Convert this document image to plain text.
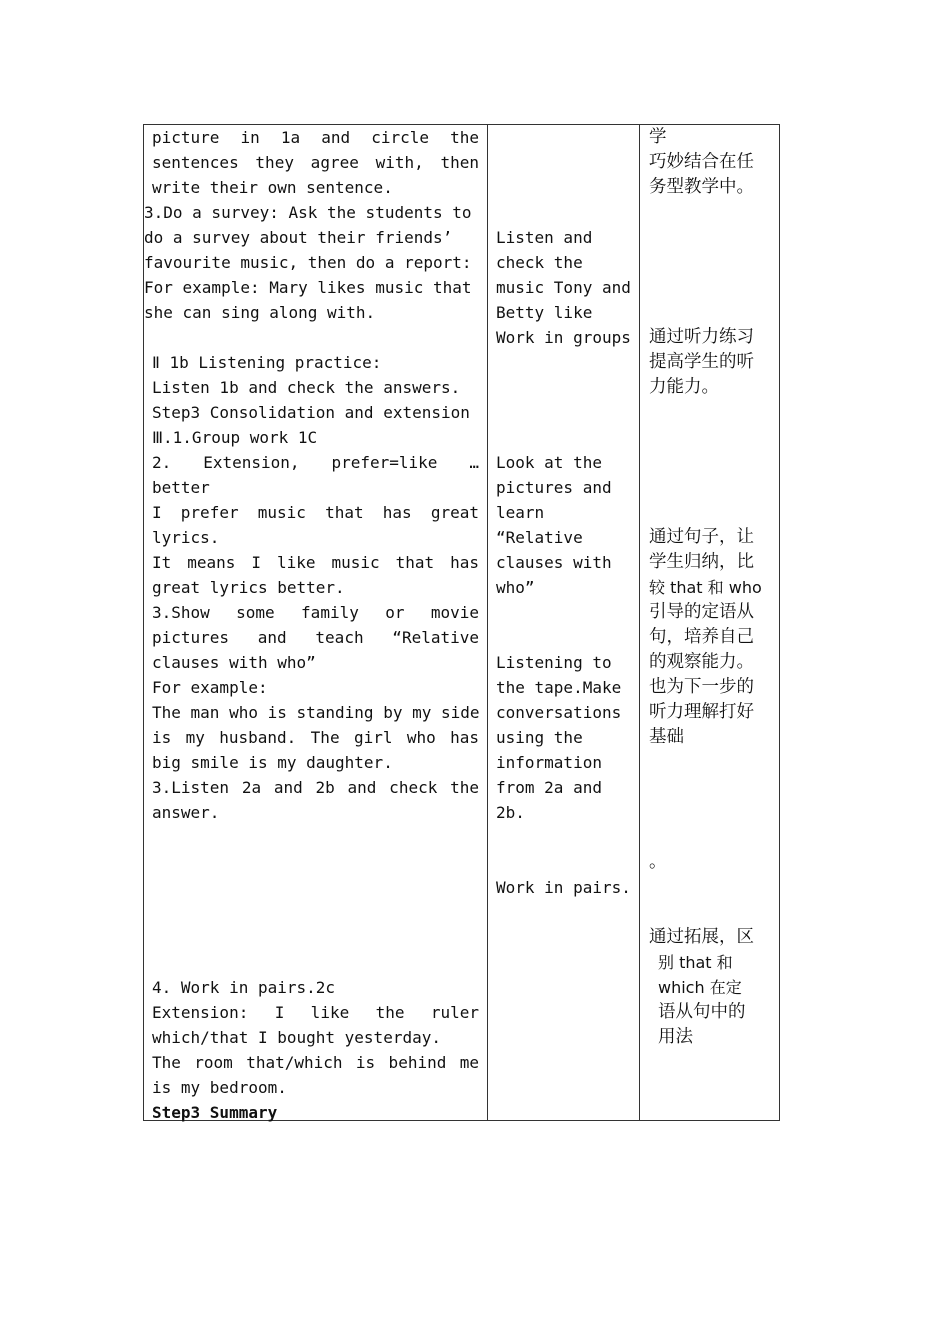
picture in 1a and circle the
sentences they agree with, then
write their own sentence.
3.Do a survey: Ask the students to
do a survey about their friends’
favourite music, then do a report:
For example: Mary likes music that
she can sing along with.
Ⅱ 1b Listening practice:
Listen 1b and check the answers.
Step3 Consolidation and extension
Ⅲ.1.Group work 1C
2. Extension, prefer=like …
better
I prefer music that has great
lyrics.
It means I like music that has
great lyrics better.
3.Show some family or movie
pictures and teach “Relative
clauses with who”
For example:
The man who is standing by my side
is my husband. The girl who has
big smile is my daughter.
3.Listen 2a and 2b and check the
answer.
4. Work in pairs.2c
Extension: I like the ruler
which/that I bought yesterday.
The room that/which is behind me
is my bedroom.
Step3 Summary
Listen and
check the
music Tony and
Betty like
Work in groups
Look at the
pictures and
learn
“Relative
clauses with
who”
Listening to
the tape.Make
conversations
using the
information
from 2a and
2b.
Work in pairs.
学
巧妙结合在任
务型教学中。
通过听力练习
提高学生的听
力能力。
通过句子，让
学生归纳，比
较 that 和 who
引导的定语从
句，培养自己
的观察能力。
也为下一步的
听力理解打好
基础
。
通过拓展，区
别 that 和
which 在定
语从句中的
用法
